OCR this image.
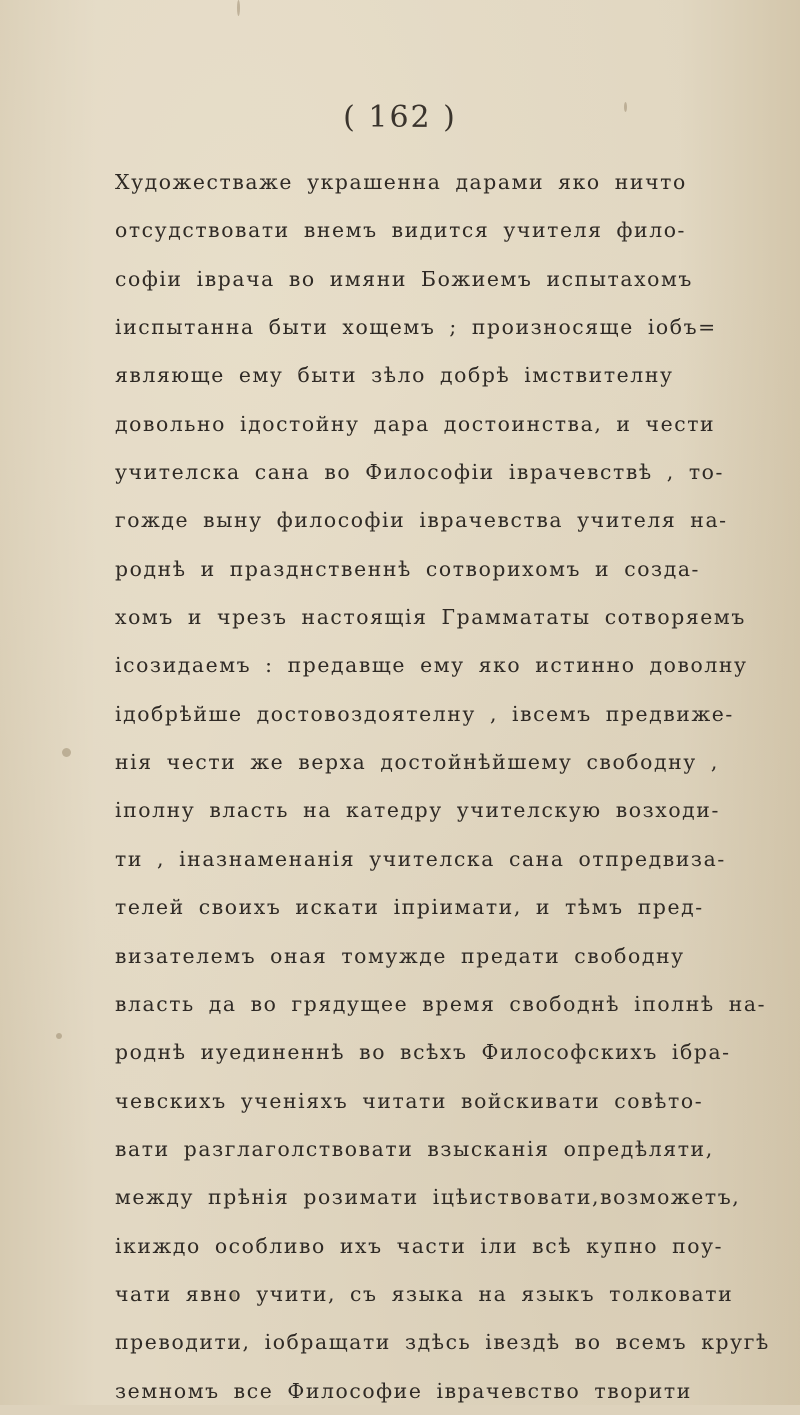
( 162 )
Художествaже украшенна дарами яко ничто
отсудствовати внемъ видится учителя фило-
софіи іврача во имяни Божиемъ испытахомъ
іиспытанна быти хощемъ ; произносяще iобъ=
являюще ему быти зѣло добрѣ імствителну
довольно ідостойну дара достоинства, и чести
учителска сана во Философіи іврачевствѣ , то-
гожде выну философіи іврачевства учителя на-
роднѣ и празднственнѣ сотворихомъ и созда-
хомъ и чрезъ настоящія Граммататы сотворяемъ
ісозидаемъ : предавще ему яко истинно доволну
ідобрѣйше достовоздоятелну , івсемъ предвиже-
нія чести же верха достойнѣйшему свободну ,
іполну власть на катедру учителскую возходи-
ти , іназнаменанія учителска сана отпредвиза-
телей своихъ искати іпріимати, и тѣмъ пред-
визателемъ оная томужде предати свободну
власть да во грядущее время свободнѣ іполнѣ на-
роднѣ иуединеннѣ во всѣхъ Философскихъ ібра-
чевскихъ ученіяхъ читати войскивати совѣто-
вати разглаголствовати взысканія опредѣляти,
между прѣнія розимати іцѣиствовати,возможетъ,
ікиждо особливо ихъ части іли всѣ купно поу-
чати явно учити, съ языка на языкъ толковати
преводити, іобращати здѣсь івездѣ во всемъ кругѣ
земномъ все Философие іврачевство творити
